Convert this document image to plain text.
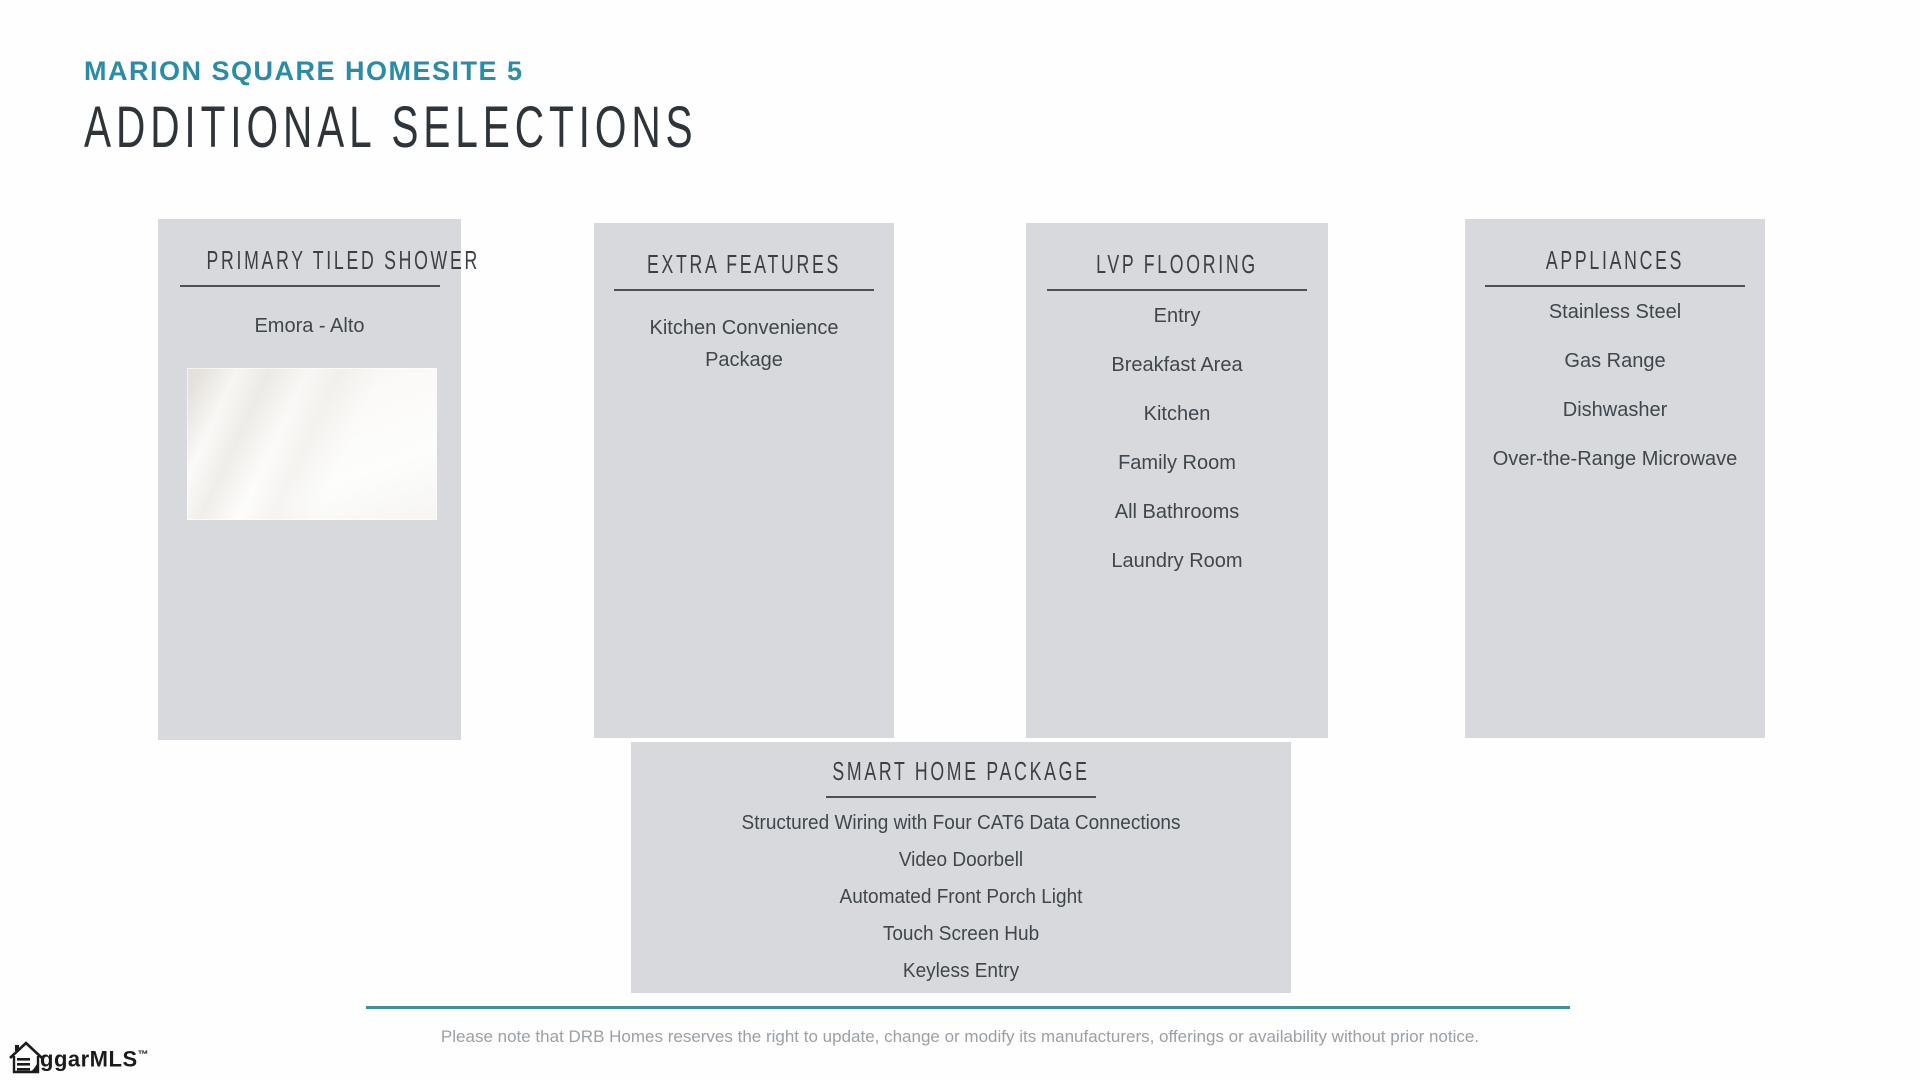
MARION SQUARE HOMESITE 5
ADDITIONAL SELECTIONS
PRIMARY TILED SHOWER
Emora - Alto
EXTRA FEATURES
Kitchen Convenience Package
LVP FLOORING
Entry
Breakfast Area
Kitchen
Family Room
All Bathrooms
Laundry Room
APPLIANCES
Stainless Steel
Gas Range
Dishwasher
Over-the-Range Microwave
SMART HOME PACKAGE
Structured Wiring with Four CAT6 Data Connections
Video Doorbell
Automated Front Porch Light
Touch Screen Hub
Keyless Entry
Please note that DRB Homes reserves the right to update, change or modify its manufacturers, offerings or availability without prior notice.
ggarMLS™
